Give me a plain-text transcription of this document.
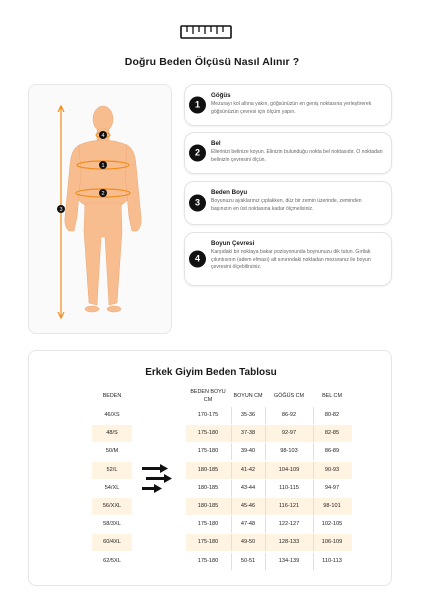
Doğru Beden Ölçüsü Nasıl Alınır ?
4
1
2
3
1
Göğüs
Mezurayı kol altına yakın, göğsünüzün en geniş noktasına yerleştirerek göğsünüzün çevresi için ölçüm yapın.
2
Bel
Ellerinizi belinize koyun. Elinizin bulunduğu nokta bel noktasıdır. O noktadan belinizin çevresini ölçün.
3
Beden Boyu
Boyunuzu ayaklarınız çıplakken, düz bir zemin üzerinde, zeminden başınızın en üst noktasına kadar ölçmelisiniz.
4
Boyun Çevresi
Karşıdaki bir noktaya bakar pozisyonunda boynunuzu dik tutun. Gırtlak çıkıntısının (adem elması) alt sınırındaki noktadan mezuranız ile boyun çevresini ölçebilirsiniz.
Erkek Giyim Beden Tablosu
BEDEN
BEDEN BOYU CM
BOYUN CM	GÖĞÜS CM	BEL CM
46/XS	170-175	35-36	86-92	80-82
48/S	175-180	37-38	92-97	82-85
50/M	175-180	39-40	98-103	86-89
52/L	180-185	41-42	104-109	90-93
54/XL	180-185	43-44	110-115	94-97
56/XXL	180-185	45-46	116-121	98-101
58/3XL	175-180	47-48	122-127	102-105
60/4XL	175-180	49-50	128-133	106-109
62/5XL	175-180	50-51	134-139	110-113
